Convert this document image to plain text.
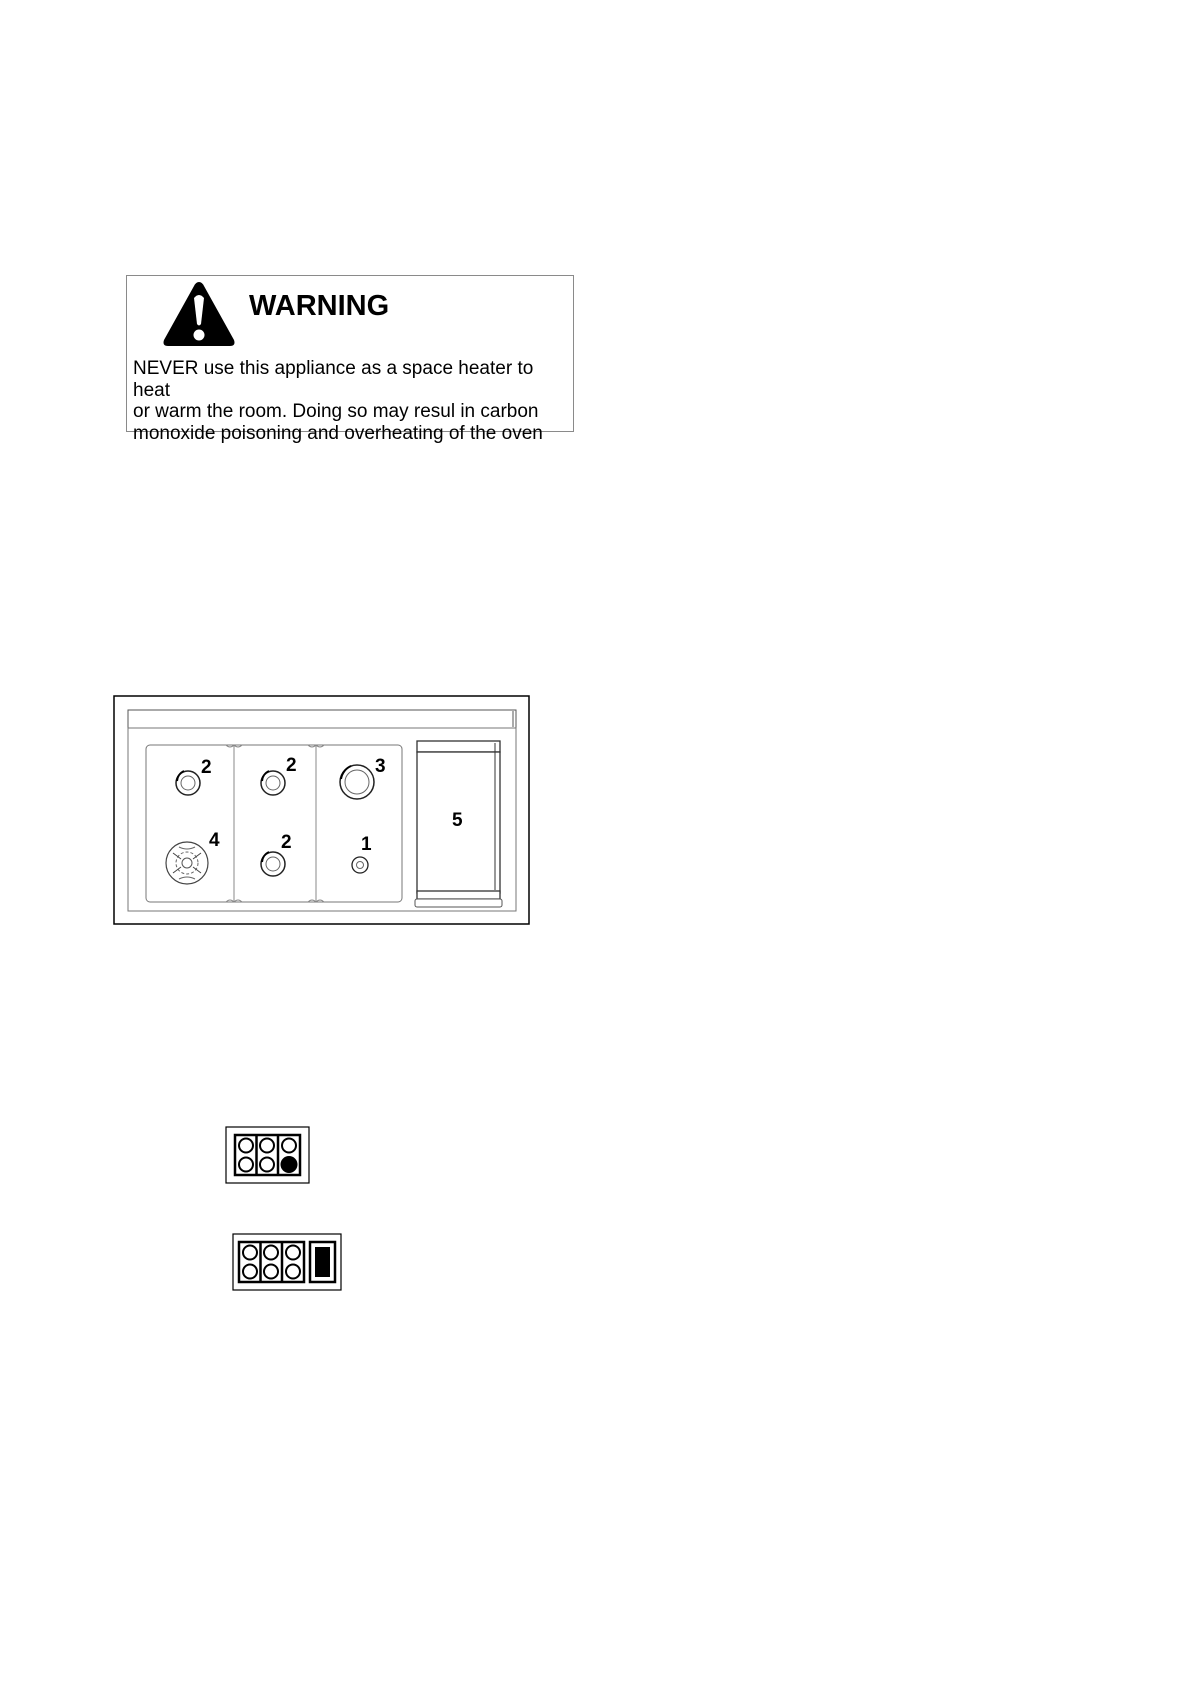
WARNING
NEVER use this appliance as a space heater to heat
or warm the room. Doing so may resul in carbon
monoxide poisoning and overheating of the oven
2	2	3
4	2	1
5
